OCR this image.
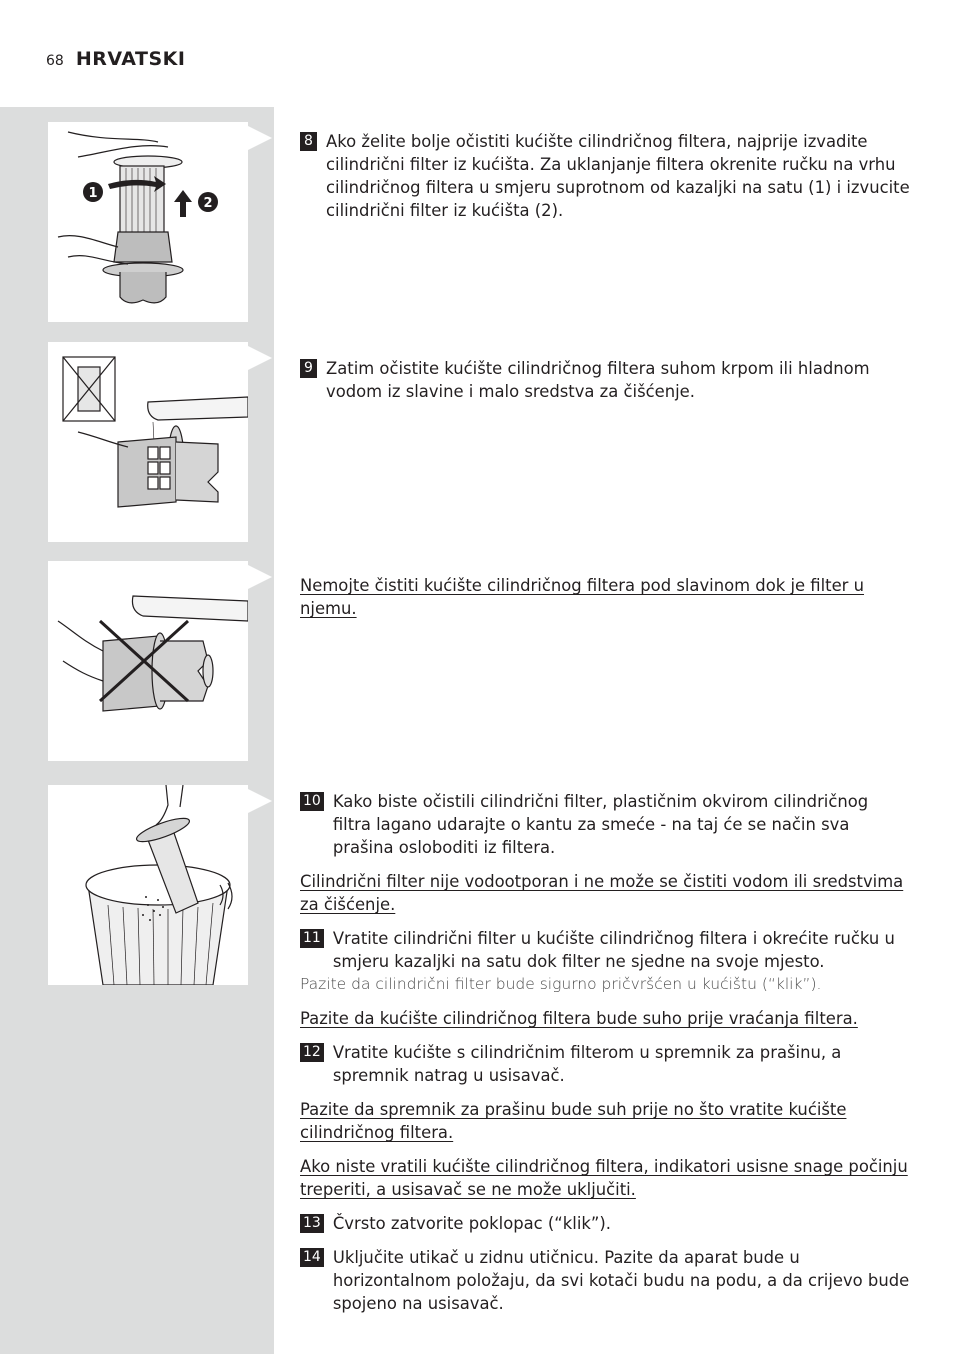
68 HRVATSKI
1
2
8 Ako želite bolje očistiti kućište cilindričnog filtera, najprije izvadite cilindrični filter iz kućišta. Za uklanjanje filtera okrenite ručku na vrhu cilindričnog filtera u smjeru suprotnom od kazaljki na satu (1) i izvucite cilindrični filter iz kućišta (2).
9 Zatim očistite kućište cilindričnog filtera suhom krpom ili hladnom vodom iz slavine i malo sredstva za čišćenje.
Nemojte čistiti kućište cilindričnog filtera pod slavinom dok je filter u njemu.
10 Kako biste očistili cilindrični filter, plastičnim okvirom cilindričnog filtra lagano udarajte o kantu za smeće - na taj će se način sva prašina osloboditi iz filtera.
Cilindrični filter nije vodootporan i ne može se čistiti vodom ili sredstvima za čišćenje.
11 Vratite cilindrični filter u kućište cilindričnog filtera i okrećite ručku u smjeru kazaljki na satu dok filter ne sjedne na svoje mjesto.
Pazite da cilindrični filter bude sigurno pričvršćen u kućištu (“klik”).
Pazite da kućište cilindričnog filtera bude suho prije vraćanja filtera.
12 Vratite kućište s cilindričnim filterom u spremnik za prašinu, a spremnik natrag u usisavač.
Pazite da spremnik za prašinu bude suh prije no što vratite kućište cilindričnog filtera.
Ako niste vratili kućište cilindričnog filtera, indikatori usisne snage počinju treperiti, a usisavač se ne može uključiti.
13 Čvrsto zatvorite poklopac (“klik”).
14 Uključite utikač u zidnu utičnicu. Pazite da aparat bude u horizontalnom položaju, da svi kotači budu na podu, a da crijevo bude spojeno na usisavač.
